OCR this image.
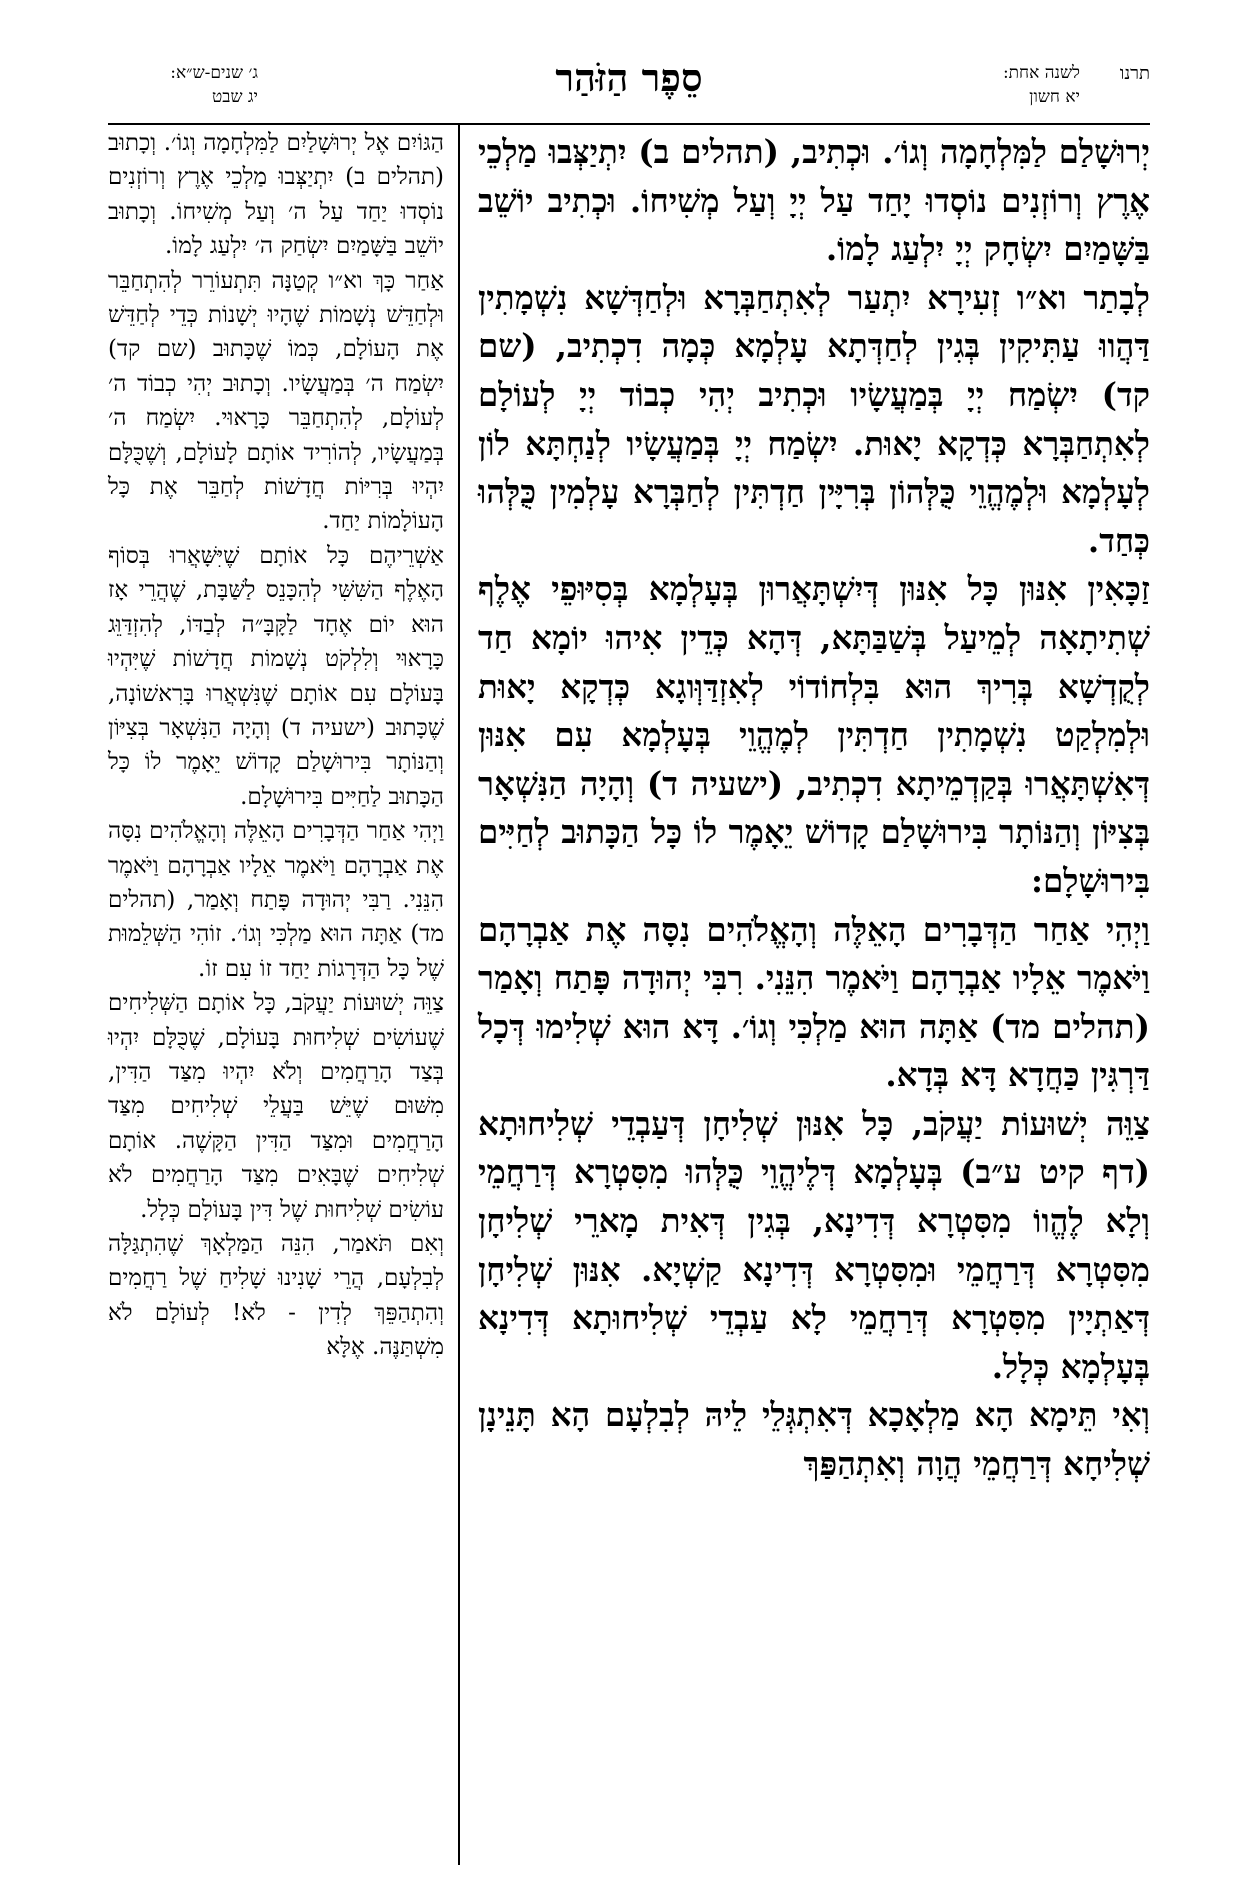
תרנו
לשנה אחת:
יא חשון
סֵפֶר הַזֹּהַר
ג׳ שנים-ש״א:
יג שבט

יְרוּשָׁלַם לַמִּלְחָמָה וְגוֹ׳. וּכְתִיב, (תהלים ב) יִתְיַצְּבוּ מַלְכֵי אֶרֶץ וְרוֹזְנִים נוֹסְדוּ יָחַד עַל יְיָ וְעַל מְשִׁיחוֹ. וּכְתִיב יוֹשֵׁב בַּשָּׁמַיִם יִשְׂחָק יְיָ יִלְעַג לָמוֹ.

לְבָתַר וא״ו זְעִירָא יִתְעַר לְאִתְחַבְּרָא וּלְחַדְּשָׁא נִשְׁמָתִין דַּהֲווּ עַתִּיקִין בְּגִין לְחַדְּתָא עָלְמָא כְּמָה דִכְתִיב, (שם קד) יִשְׂמַח יְיָ בְּמַעֲשָׂיו וּכְתִיב יְהִי כְבוֹד יְיָ לְעוֹלָם לְאִתְחַבְּרָא כְּדְקָא יָאוּת. יִשְׂמַח יְיָ בְּמַעֲשָׂיו לְנַחְתָּא לוֹן לְעָלְמָא וּלְמֶהֱוֵי כֻּלְּהוֹן בְּרִיָּין חַדְתִּין לְחַבְּרָא עָלְמִין כֻּלְּהוּ כְּחַד.

זַכָּאִין אִנּוּן כָּל אִנּוּן דְּיִשְׁתָּאֲרוּן בְּעָלְמָא בְּסִיּוּפֵי אֶלֶף שְׁתִיתָאָה לְמֵיעַל בְּשַׁבַּתָּא, דְּהָא כְּדֵין אִיהוּ יוֹמָא חַד לְקֻדְשָׁא בְּרִיךְ הוּא בִּלְחוֹדוֹי לְאִזְדַּוְּוגָא כְּדְקָא יָאוּת וּלְמִלְקַט נִשְׁמָתִין חַדְתִּין לְמֶהֱוֵי בְּעָלְמָא עִם אִנּוּן דְּאִשְׁתָּאֲרוּ בְּקַדְמֵיתָא דִכְתִיב, (ישעיה ד) וְהָיָה הַנִּשְׁאָר בְּצִיּוֹן וְהַנּוֹתָר בִּירוּשָׁלַם קָדוֹשׁ יֵאָמֶר לוֹ כָּל הַכָּתוּב לְחַיִּים בִּירוּשָׁלָם:

וַיְהִי אַחַר הַדְּבָרִים הָאֵלֶּה וְהָאֱלֹהִים נִסָּה אֶת אַבְרָהָם וַיֹּאמֶר אֵלָיו אַבְרָהָם וַיֹּאמֶר הִנֵּנִי. רִבִּי יְהוּדָה פָּתַח וְאָמַר (תהלים מד) אַתָּה הוּא מַלְכִּי וְגוֹ׳. דָּא הוּא שְׁלִימוּ דְּכָל דַּרְגִּין כַּחֲדָא דָּא בְּדָא.

צַוֵּה יְשׁוּעוֹת יַעֲקֹב, כָּל אִנּוּן שְׁלִיחָן דְּעַבְדֵי שְׁלִיחוּתָא (דף קיט ע״ב) בְּעָלְמָא דְּלֶיהֱוֵי כֻּלְּהוּ מִסִּטְרָא דְּרַחֲמֵי וְלָא לֶהֱווֹ מִסִּטְרָא דְּדִינָא, בְּגִין דְּאִית מָארֵי שְׁלִיחָן מִסִּטְרָא דְּרַחֲמֵי וּמִסִּטְרָא דְּדִינָא קַשְׁיָא. אִנּוּן שְׁלִיחָן דְּאַתְיָין מִסִּטְרָא דְּרַחֲמֵי לָא עַבְדֵי שְׁלִיחוּתָא דְּדִינָא בְּעָלְמָא כְּלָל.

וְאִי תֵּימָא הָא מַלְאָכָא דְּאִתְגְּלֵי לֵיהּ לְבִלְעָם הָא תָּנֵינָן שְׁלִיחָא דְּרַחֲמֵי הֲוָה וְאִתְהַפַּךְ

הַגּוֹיִם אֶל יְרוּשָׁלַיִם לַמִּלְחָמָה וְגוֹ׳. וְכָתוּב (תהלים ב) יִתְיַצְּבוּ מַלְכֵי אֶרֶץ וְרוֹזְנִים נוֹסְדוּ יַחַד עַל ה׳ וְעַל מְשִׁיחוֹ. וְכָתוּב יוֹשֵׁב בַּשָּׁמַיִם יִשְׂחַק ה׳ יִלְעַג לָמוֹ.

אַחַר כָּךְ וא״ו קְטַנָּה תִּתְעוֹרֵר לְהִתְחַבֵּר וּלְחַדֵּשׁ נְשָׁמוֹת שֶׁהָיוּ יְשָׁנוֹת כְּדֵי לְחַדֵּשׁ אֶת הָעוֹלָם, כְּמוֹ שֶׁכָּתוּב (שם קד) יִשְׂמַח ה׳ בְּמַעֲשָׂיו. וְכָתוּב יְהִי כְבוֹד ה׳ לְעוֹלָם, לְהִתְחַבֵּר כָּרָאוּי. יִשְׂמַח ה׳ בְּמַעֲשָׂיו, לְהוֹרִיד אוֹתָם לָעוֹלָם, וְשֶׁכֻּלָּם יִהְיוּ בְּרִיּוֹת חֲדָשׁוֹת לְחַבֵּר אֶת כָּל הָעוֹלָמוֹת יַחַד.

אַשְׁרֵיהֶם כָּל אוֹתָם שֶׁיִּשָּׁאֲרוּ בְּסוֹף הָאֶלֶף הַשִּׁשִּׁי לְהִכָּנֵס לַשַּׁבָּת, שֶׁהֲרֵי אָז הוּא יוֹם אֶחָד לַקָּבָּ״ה לְבַדּוֹ, לְהִזְדַּוֵּג כָּרָאוּי וְלִלְקֹט נְשָׁמוֹת חֲדָשׁוֹת שֶׁיִּהְיוּ בָּעוֹלָם עִם אוֹתָם שֶׁנִּשְׁאֲרוּ בָּרִאשׁוֹנָה, שֶׁכָּתוּב (ישעיה ד) וְהָיָה הַנִּשְׁאָר בְּצִיּוֹן וְהַנּוֹתָר בִּירוּשָׁלַם קָדוֹשׁ יֵאָמֶר לוֹ כָּל הַכָּתוּב לַחַיִּים בִּירוּשָׁלָם.

וַיְהִי אַחַר הַדְּבָרִים הָאֵלֶּה וְהָאֱלֹהִים נִסָּה אֶת אַבְרָהָם וַיֹּאמֶר אֵלָיו אַבְרָהָם וַיֹּאמֶר הִנֵּנִי. רַבִּי יְהוּדָה פָּתַח וְאָמַר, (תהלים מד) אַתָּה הוּא מַלְכִּי וְגוֹ׳. זוֹהִי הַשְּׁלֵמוּת שֶׁל כָּל הַדְּרָגוֹת יַחַד זוֹ עִם זוֹ.

צַוֵּה יְשׁוּעוֹת יַעֲקֹב, כָּל אוֹתָם הַשְּׁלִיחִים שֶׁעוֹשִׂים שְׁלִיחוּת בָּעוֹלָם, שֶׁכֻּלָּם יִהְיוּ בְּצַד הָרַחֲמִים וְלֹא יִהְיוּ מִצַּד הַדִּין, מִשּׁוּם שֶׁיֵּשׁ בַּעֲלֵי שְׁלִיחִים מִצַּד הָרַחֲמִים וּמִצַּד הַדִּין הַקָּשֶׁה. אוֹתָם שְׁלִיחִים שֶׁבָּאִים מִצַּד הָרַחֲמִים לֹא עוֹשִׂים שְׁלִיחוּת שֶׁל דִּין בָּעוֹלָם כְּלָל.

וְאִם תֹּאמַר, הִנֵּה הַמַּלְאָךְ שֶׁהִתְגַּלָּה לְבִלְעָם, הֲרֵי שָׁנִינוּ שָׁלִיחַ שֶׁל רַחֲמִים וְהִתְהַפֵּךְ לְדִין - לֹא! לְעוֹלָם לֹא מִשְׁתַּנֶּה. אֶלָּא
